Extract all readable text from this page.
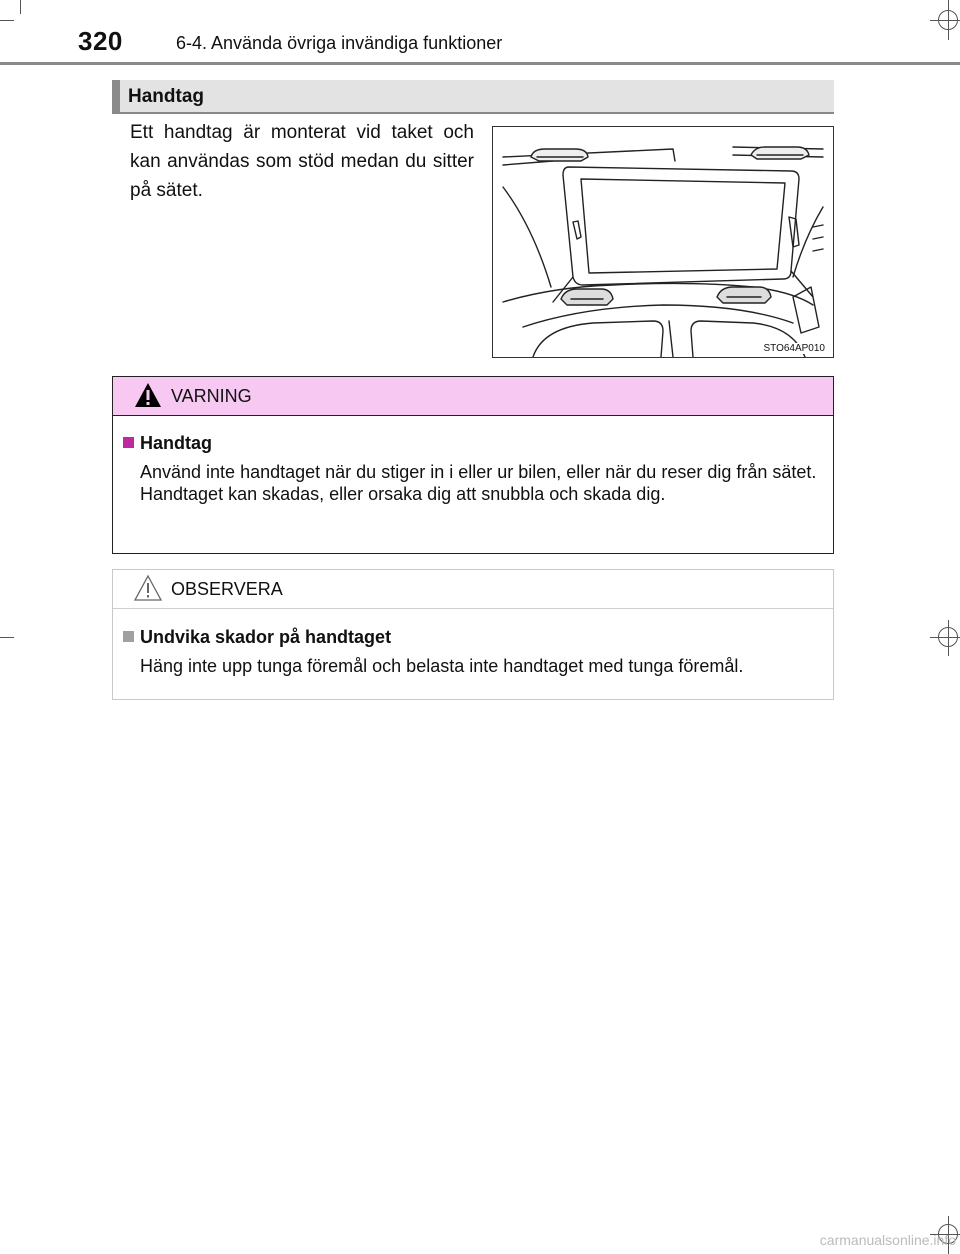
320	6-4. Använda övriga invändiga funktioner
Handtag
Ett handtag är monterat vid taket och kan användas som stöd medan du sitter på sätet.
STO64AP010
VARNING
Handtag

Använd inte handtaget när du stiger in i eller ur bilen, eller när du reser dig från sätet.

Handtaget kan skadas, eller orsaka dig att snubbla och skada dig.

OBSERVERA
Undvika skador på handtaget

Häng inte upp tunga föremål och belasta inte handtaget med tunga föremål.

carmanualsonline.info
